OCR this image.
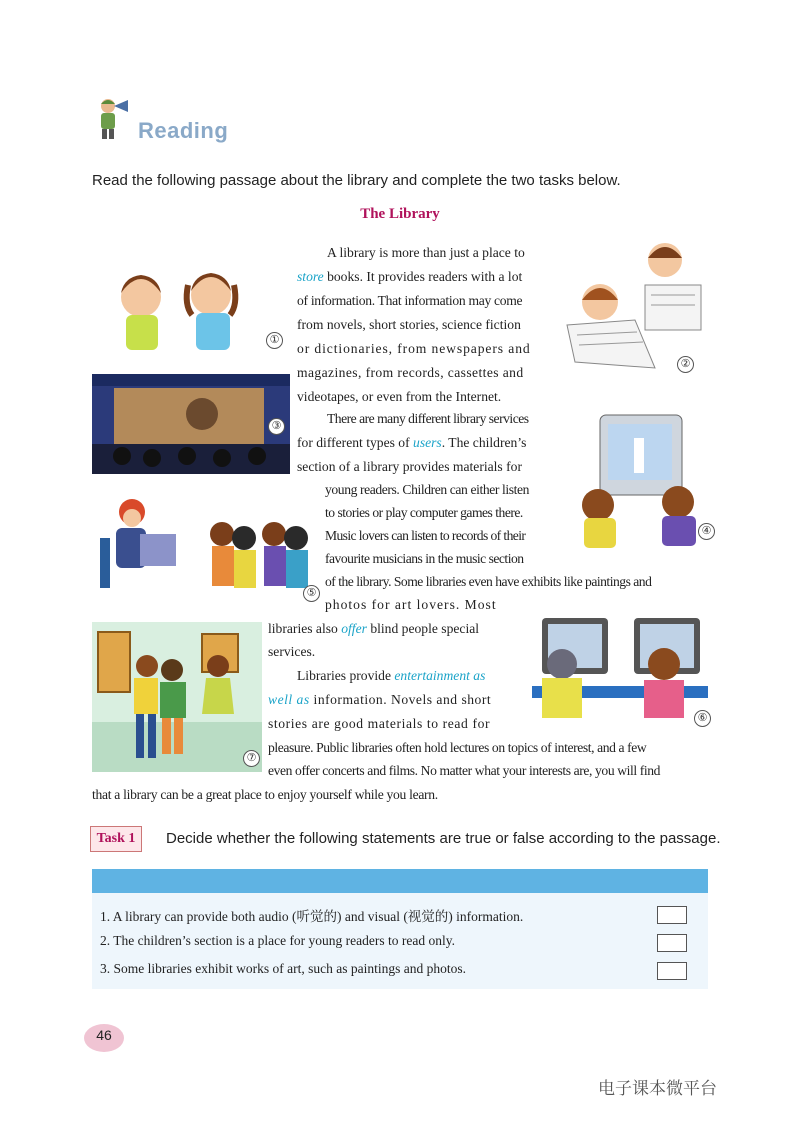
Reading
Read the following passage about the library and complete the two tasks below.
The Library
①
②
③
④
⑤
⑥
⑦
A library is more than just a place to
store books. It provides readers with a lot
of information. That information may come
from novels, short stories, science fiction
or dictionaries, from newspapers and
magazines, from records, cassettes and
videotapes, or even from the Internet.
There are many different library services
for different types of users. The children’s
section of a library provides materials for
young readers. Children can either listen
to stories or play computer games there.
Music lovers can listen to records of their
favourite musicians in the music section
of the library. Some libraries even have exhibits like paintings and
photos for art lovers. Most
libraries also offer blind people special
services.
Libraries provide entertainment as
well as information. Novels and short
stories are good materials to read for
pleasure. Public libraries often hold lectures on topics of interest, and a few
even offer concerts and films. No matter what your interests are, you will find
that a library can be a great place to enjoy yourself while you learn.
Task 1	Decide whether the following statements are true or false according to the passage.
1. A library can provide both audio (听觉的) and visual (视觉的) information.
2. The children’s section is a place for young readers to read only.
3. Some libraries exhibit works of art, such as paintings and photos.
46
电子课本微平台
